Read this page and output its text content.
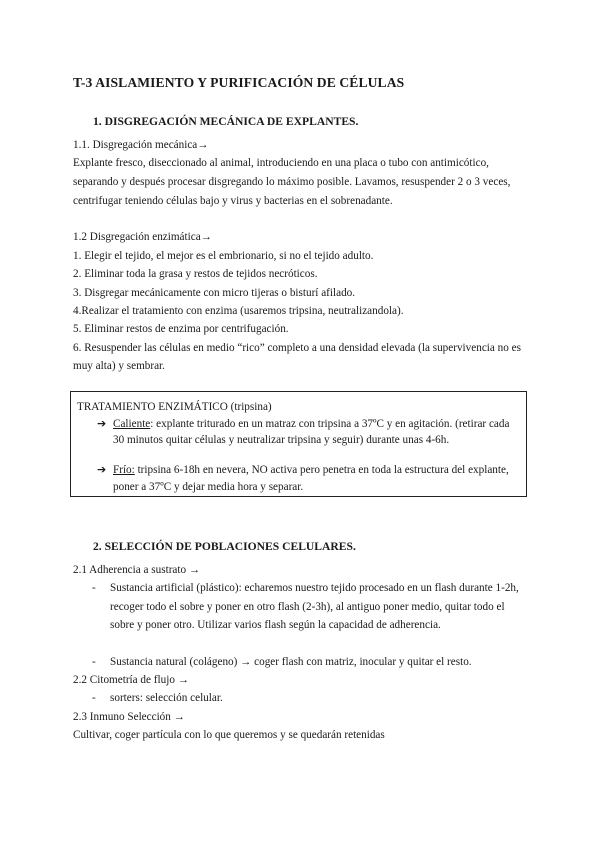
T-3 AISLAMIENTO Y PURIFICACIÓN DE CÉLULAS
1. DISGREGACIÓN MECÁNICA DE EXPLANTES.
1.1. Disgregación mecánica→
Explante fresco, diseccionado al animal, introduciendo en una placa o tubo con antimicótico,
separando y después procesar disgregando lo máximo posible. Lavamos, resuspender 2 o 3 veces,
centrifugar teniendo células bajo y virus y bacterias en el sobrenadante.
1.2 Disgregación enzimática→
1. Elegir el tejido, el mejor es el embrionario, si no el tejido adulto.
2. Eliminar toda la grasa y restos de tejidos necróticos.
3. Disgregar mecánicamente con micro tijeras o bisturí afilado.
4.Realizar el tratamiento con enzima (usaremos tripsina, neutralizandola).
5. Eliminar restos de enzima por centrifugación.
6. Resuspender las células en medio “rico” completo a una densidad elevada (la supervivencia no es
muy alta) y sembrar.
TRATAMIENTO ENZIMÁTICO (tripsina)
➔ Caliente: explante triturado en un matraz con tripsina a 37ºC y en agitación. (retirar cada
30 minutos quitar células y neutralizar tripsina y seguir) durante unas 4-6h.
➔ Frío: tripsina 6-18h en nevera, NO activa pero penetra en toda la estructura del explante,
poner a 37ºC y dejar media hora y separar.
2. SELECCIÓN DE POBLACIONES CELULARES.
2.1 Adherencia a sustrato →
- Sustancia artificial (plástico): echaremos nuestro tejido procesado en un flash durante 1-2h,
recoger todo el sobre y poner en otro flash (2-3h), al antiguo poner medio, quitar todo el
sobre y poner otro. Utilizar varios flash según la capacidad de adherencia.
- Sustancia natural (colágeno) → coger flash con matriz, inocular y quitar el resto.
2.2 Citometría de flujo →
- sorters: selección celular.
2.3 Inmuno Selección →
Cultivar, coger partícula con lo que queremos y se quedarán retenidas
